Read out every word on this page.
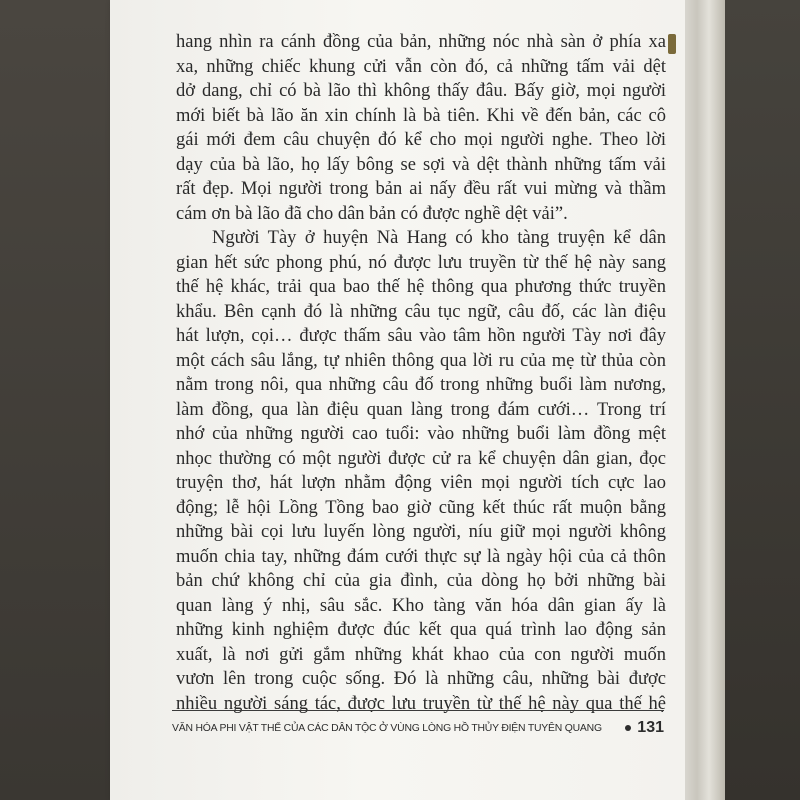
hang nhìn ra cánh đồng của bản, những nóc nhà sàn ở phía xa
xa, những chiếc khung cửi vẫn còn đó, cả những tấm vải dệt
dở dang, chỉ có bà lão thì không thấy đâu. Bấy giờ, mọi người
mới biết bà lão ăn xin chính là bà tiên. Khi về đến bản, các cô
gái mới đem câu chuyện đó kể cho mọi người nghe. Theo lời
dạy của bà lão, họ lấy bông se sợi và dệt thành những tấm vải
rất đẹp. Mọi người trong bản ai nấy đều rất vui mừng và thầm
cám ơn bà lão đã cho dân bản có được nghề dệt vải”.
Người Tày ở huyện Nà Hang có kho tàng truyện kể dân
gian hết sức phong phú, nó được lưu truyền từ thế hệ này sang
thế hệ khác, trải qua bao thế hệ thông qua phương thức truyền
khẩu. Bên cạnh đó là những câu tục ngữ, câu đố, các làn điệu
hát lượn, cọi… được thấm sâu vào tâm hồn người Tày nơi đây
một cách sâu lắng, tự nhiên thông qua lời ru của mẹ từ thủa còn
nằm trong nôi, qua những câu đố trong những buổi làm nương,
làm đồng, qua làn điệu quan làng trong đám cưới… Trong trí
nhớ của những người cao tuổi: vào những buổi làm đồng mệt
nhọc thường có một người được cử ra kể chuyện dân gian, đọc
truyện thơ, hát lượn nhằm động viên mọi người tích cực lao
động; lễ hội Lồng Tồng bao giờ cũng kết thúc rất muộn bằng
những bài cọi lưu luyến lòng người, níu giữ mọi người không
muốn chia tay, những đám cưới thực sự là ngày hội của cả thôn
bản chứ không chỉ của gia đình, của dòng họ bởi những bài
quan làng ý nhị, sâu sắc. Kho tàng văn hóa dân gian ấy là
những kinh nghiệm được đúc kết qua quá trình lao động sản
xuất, là nơi gửi gắm những khát khao của con người muốn
vươn lên trong cuộc sống. Đó là những câu, những bài được
nhiều người sáng tác, được lưu truyền từ thế hệ này qua thế hệ
VĂN HÓA PHI VẬT THỂ CỦA CÁC DÂN TỘC Ở VÙNG LÒNG HỒ THỦY ĐIỆN TUYÊN QUANG 131
